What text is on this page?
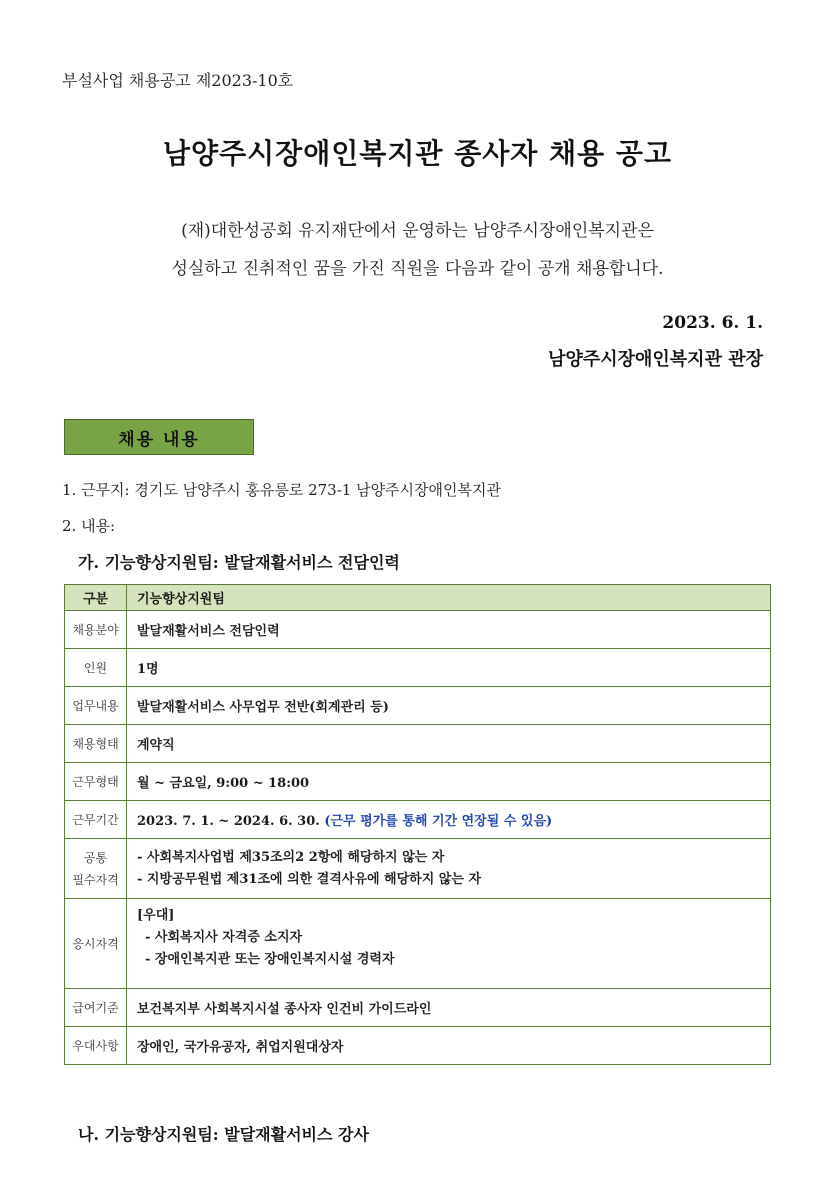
부설사업 채용공고 제2023-10호
남양주시장애인복지관 종사자 채용 공고
(재)대한성공회 유지재단에서 운영하는 남양주시장애인복지관은
성실하고 진취적인 꿈을 가진 직원을 다음과 같이 공개 채용합니다.
2023. 6. 1.
남양주시장애인복지관 관장
채용 내용
1. 근무지: 경기도 남양주시 홍유릉로 273-1 남양주시장애인복지관
2. 내용:
가. 기능향상지원팀: 발달재활서비스 전담인력
구분	기능향상지원팀
채용분야	발달재활서비스 전담인력
인원	1명
업무내용	발달재활서비스 사무업무 전반(회계관리 등)
채용형태	계약직
근무형태	월 ~ 금요일, 9:00 ~ 18:00
근무기간	2023. 7. 1. ~ 2024. 6. 30. (근무 평가를 통해 기간 연장될 수 있음)

공통
필수자격	- 사회복지사업법 제35조의2 2항에 해당하지 않는 자
- 지방공무원법 제31조에 의한 결격사유에 해당하지 않는 자

응시자격	[우대]
- 사회복지사 자격증 소지자
- 장애인복지관 또는 장애인복지시설 경력자

급여기준	보건복지부 사회복지시설 종사자 인건비 가이드라인
우대사항	장애인, 국가유공자, 취업지원대상자
나. 기능향상지원팀: 발달재활서비스 강사
